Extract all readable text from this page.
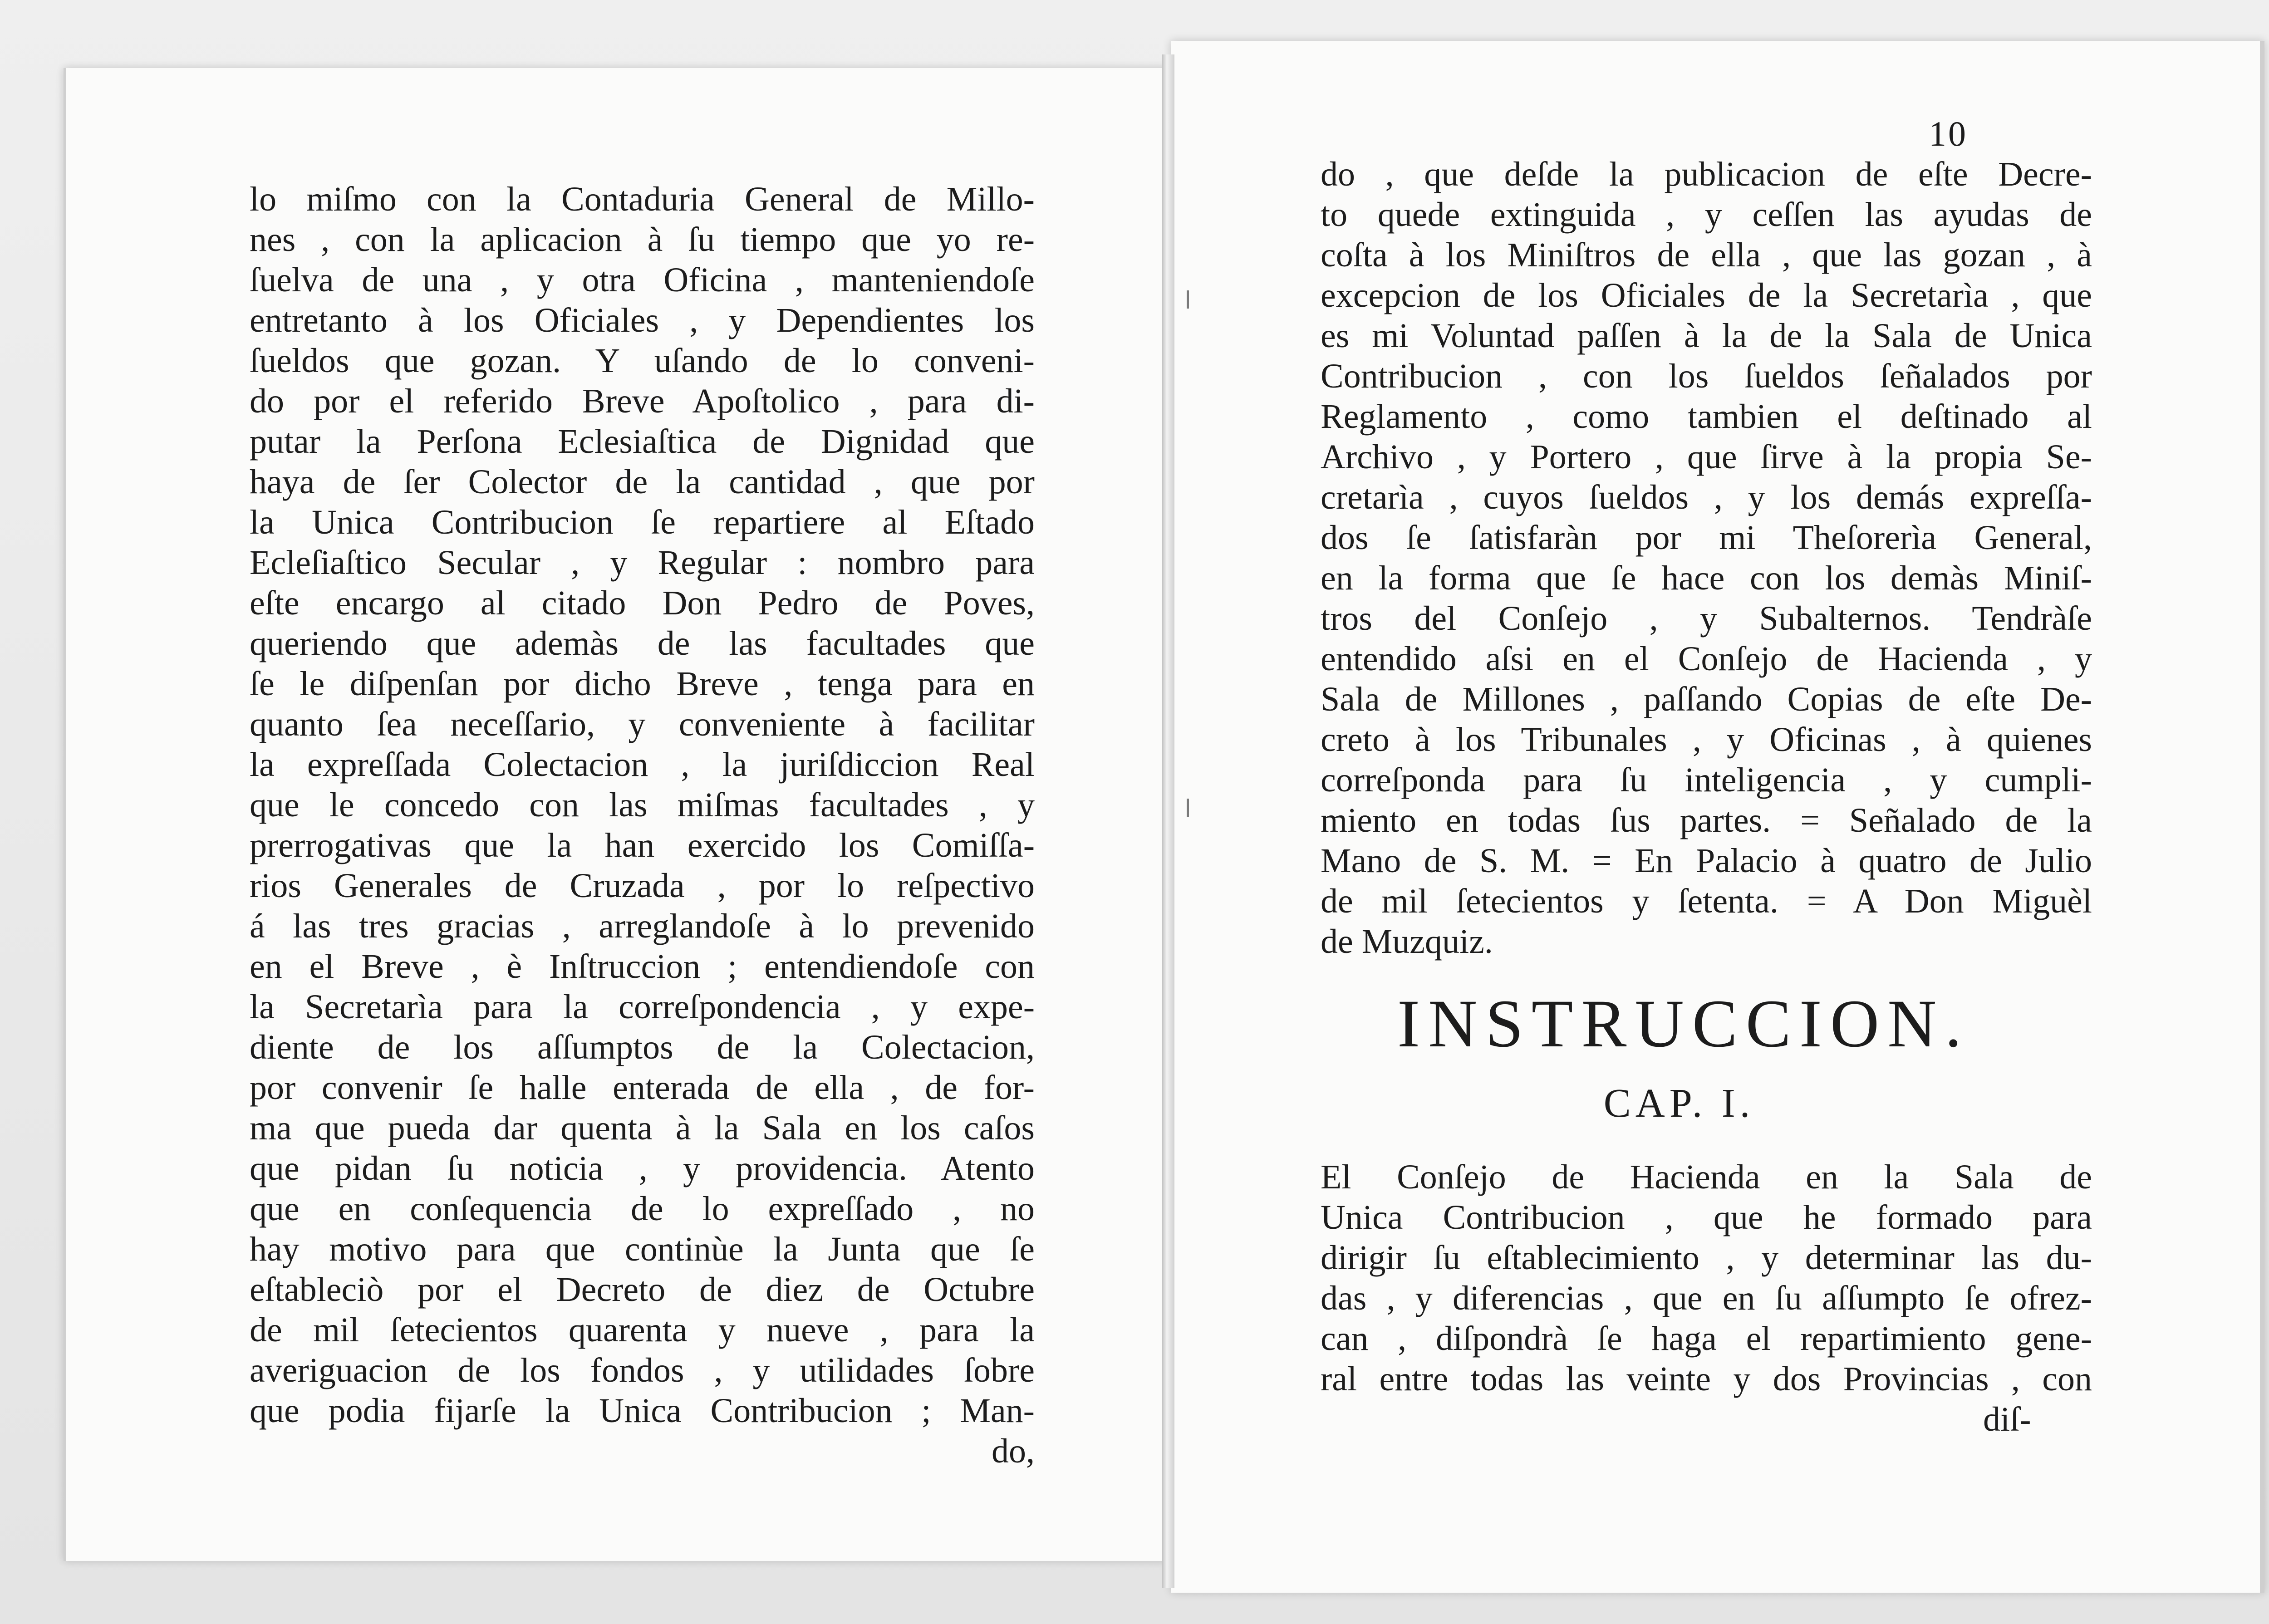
lo miſmo con la Contaduria General de Millo-
nes , con la aplicacion à ſu tiempo que yo re-
ſuelva de una , y otra Oficina , manteniendoſe
entretanto à los Oficiales , y Dependientes los
ſueldos que gozan. Y uſando de lo conveni-
do por el referido Breve Apoſtolico , para di-
putar la Perſona Eclesiaſtica de Dignidad que
haya de ſer Colector de la cantidad , que por
la Unica Contribucion ſe repartiere al Eſtado
Ecleſiaſtico Secular , y Regular : nombro para
eſte encargo al citado Don Pedro de Poves,
queriendo que ademàs de las facultades que
ſe le diſpenſan por dicho Breve , tenga para en
quanto ſea neceſſario, y conveniente à facilitar
la expreſſada Colectacion , la juriſdiccion Real
que le concedo con las miſmas facultades , y
prerrogativas que la han exercido los Comiſſa-
rios Generales de Cruzada , por lo reſpectivo
á las tres gracias , arreglandoſe à lo prevenido
en el Breve , è Inſtruccion ; entendiendoſe con
la Secretarìa para la correſpondencia , y expe-
diente de los aſſumptos de la Colectacion,
por convenir ſe halle enterada de ella , de for-
ma que pueda dar quenta à la Sala en los caſos
que pidan ſu noticia , y providencia. Atento
que en conſequencia de lo expreſſado , no
hay motivo para que continùe la Junta que ſe
eſtableciò por el Decreto de diez de Octubre
de mil ſetecientos quarenta y nueve , para la
averiguacion de los fondos , y utilidades ſobre
que podia fijarſe la Unica Contribucion ; Man-
do,
10
do , que deſde la publicacion de eſte Decre-
to quede extinguida , y ceſſen las ayudas de
coſta à los Miniſtros de ella , que las gozan , à
excepcion de los Oficiales de la Secretarìa , que
es mi Voluntad paſſen à la de la Sala de Unica
Contribucion , con los ſueldos ſeñalados por
Reglamento , como tambien el deſtinado al
Archivo , y Portero , que ſirve à la propia Se-
cretarìa , cuyos ſueldos , y los demás expreſſa-
dos ſe ſatisfaràn por mi Theſorerìa General,
en la forma que ſe hace con los demàs Miniſ-
tros del Conſejo , y Subalternos. Tendràſe
entendido aſsi en el Conſejo de Hacienda , y
Sala de Millones , paſſando Copias de eſte De-
creto à los Tribunales , y Oficinas , à quienes
correſponda para ſu inteligencia , y cumpli-
miento en todas ſus partes. = Señalado de la
Mano de S. M. = En Palacio à quatro de Julio
de mil ſetecientos y ſetenta. = A Don Miguèl
de Muzquiz.
INSTRUCCION.
CAP. I.
El Conſejo de Hacienda en la Sala de
Unica Contribucion , que he formado para
dirigir ſu eſtablecimiento , y determinar las du-
das , y diferencias , que en ſu aſſumpto ſe ofrez-
can , diſpondrà ſe haga el repartimiento gene-
ral entre todas las veinte y dos Provincias , con
diſ-
